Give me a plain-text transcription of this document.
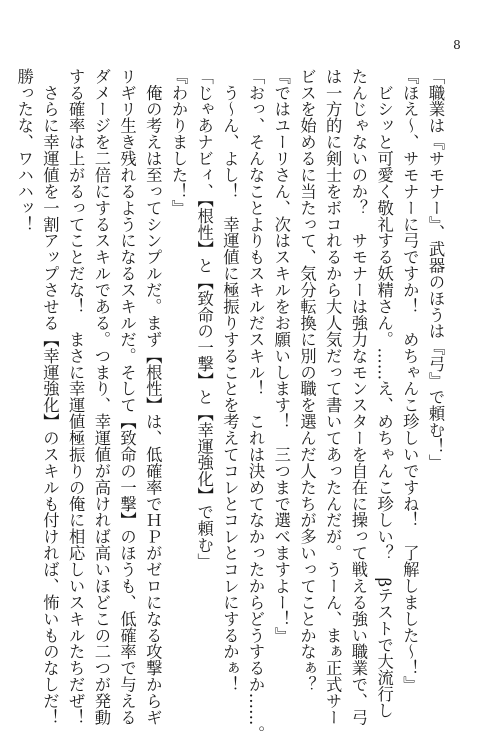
8

「職業は『サモナー』、武器のほうは『弓』で頼む！」

『ほえ〜、サモナーに弓ですか！　めちゃんこ珍しいですね！　了解しました〜！』

　ビシッと可愛く敬礼する妖精さん。……え、めちゃんこ珍しい？　βテストで大流行し

たんじゃないのか？　サモナーは強力なモンスターを自在に操って戦える強い職業で、弓

は一方的に剣士をボコれるから大人気だって書いてあったんだが。うーん、まぁ正式サー

ビスを始めるに当たって、気分転換に別の職を選んだ人たちが多いってことかなぁ？

『ではユーリさん、次はスキルをお願いします！　三つまで選べますよー！』

「おっ、そんなことよりもスキルだスキル！　これは決めてなかったからどうするか……。

　う〜ん、よし！　幸運値に極振りすることを考えてコレとコレとコレにするかぁ！

「じゃあナビィ、【根性】と【致命の一撃】と【幸運強化】で頼む」

『わかりました！』

　俺の考えは至ってシンプルだ。まず【根性】は、低確率でＨＰがゼロになる攻撃からギ

リギリ生き残れるようになるスキルだ。そして【致命の一撃】のほうも、低確率で与える

ダメージを二倍にするスキルである。つまり、幸運値が高ければ高いほどこの二つが発動

する確率は上がるってことだな！　まさに幸運値極振りの俺に相応しいスキルたちだぜ！

　さらに幸運値を一割アップさせる【幸運強化】のスキルも付ければ、怖いものなしだ！

勝ったな、ワハハッ！
